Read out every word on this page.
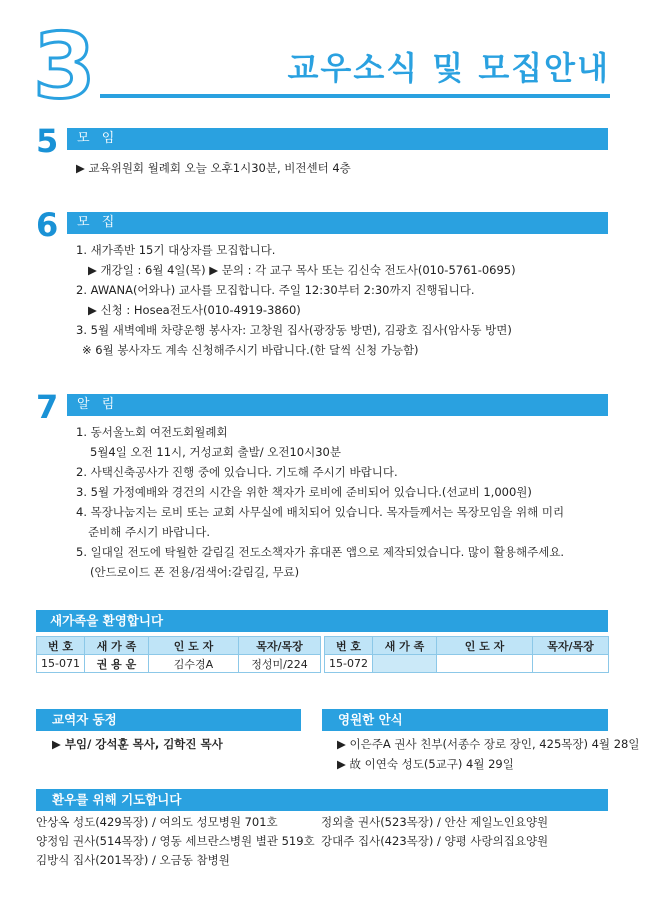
3	교우소식 및 모집안내
5	모 임
▶ 교육위원회 월례회 오늘 오후1시30분, 비전센터 4층
6	모 집
1. 새가족반 15기 대상자를 모집합니다.
▶ 개강일 : 6월 4일(목) ▶ 문의 : 각 교구 목사 또는 김신숙 전도사(010-5761-0695)
2. AWANA(어와나) 교사를 모집합니다. 주일 12:30부터 2:30까지 진행됩니다.
▶ 신청 : Hosea전도사(010-4919-3860)
3. 5월 새벽예배 차량운행 봉사자: 고창원 집사(광장동 방면), 김광호 집사(암사동 방면)
※ 6월 봉사자도 계속 신청해주시기 바랍니다.(한 달씩 신청 가능함)
7	알 림
1. 동서울노회 여전도회월례회
5월4일 오전 11시, 거성교회 출발/ 오전10시30분
2. 사택신축공사가 진행 중에 있습니다. 기도해 주시기 바랍니다.
3. 5월 가정예배와 경건의 시간을 위한 책자가 로비에 준비되어 있습니다.(선교비 1,000원)
4. 목장나눔지는 로비 또는 교회 사무실에 배치되어 있습니다. 목자들께서는 목장모임을 위해 미리
준비해 주시기 바랍니다.
5. 일대일 전도에 탁월한 갈림길 전도소책자가 휴대폰 앱으로 제작되었습니다. 많이 활용해주세요.
(안드로이드 폰 전용/검색어:갈림길, 무료)
새가족을 환영합니다
번 호	새 가 족	인 도 자	목자/목장
15-071	권 용 운	김수경A	정성미/224
번 호	새 가 족	인 도 자	목자/목장
15-072			
교역자 동정
▶ 부임/ 강석훈 목사, 김학진 목사
영원한 안식
▶ 이은주A 권사 친부(서종수 장로 장인, 425목장) 4월 28일
▶ 故 이연숙 성도(5교구) 4월 29일
환우를 위해 기도합니다
안상옥 성도(429목장) / 여의도 성모병원 701호
양정임 권사(514목장) / 영동 세브란스병원 별관 519호
김방식 집사(201목장) / 오금동 참병원
정외출 권사(523목장) / 안산 제일노인요양원
강대주 집사(423목장) / 양평 사랑의집요양원
